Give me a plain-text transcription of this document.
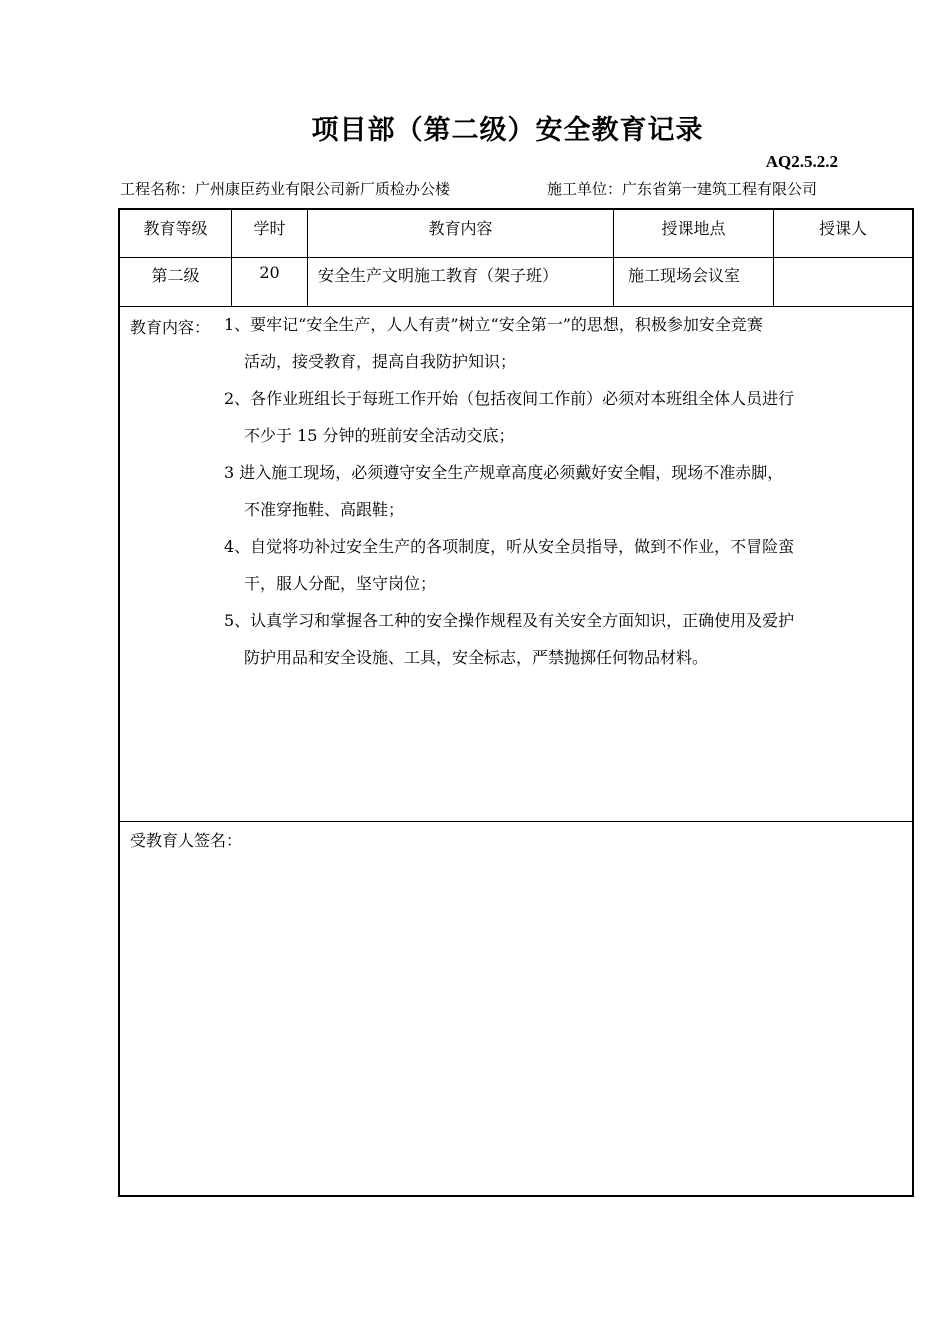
项目部（第二级）安全教育记录
AQ2.5.2.2
工程名称：广州康臣药业有限公司新厂质检办公楼	施工单位：广东省第一建筑工程有限公司
教育等级	学时	教育内容	授课地点	授课人
第二级	20	安全生产文明施工教育（架子班）	施工现场会议室
教育内容： 1、要牢记“安全生产，人人有责”树立“安全第一”的思想，积极参加安全竞赛
活动，接受教育，提高自我防护知识；
2、各作业班组长于每班工作开始（包括夜间工作前）必须对本班组全体人员进行
不少于 15 分钟的班前安全活动交底；
3 进入施工现场，必须遵守安全生产规章高度必须戴好安全帽，现场不准赤脚，
不准穿拖鞋、高跟鞋；
4、自觉将功补过安全生产的各项制度，听从安全员指导，做到不作业，不冒险蛮
干，服人分配，坚守岗位；
5、认真学习和掌握各工种的安全操作规程及有关安全方面知识，正确使用及爱护
防护用品和安全设施、工具，安全标志，严禁抛掷任何物品材料。
受教育人签名：
